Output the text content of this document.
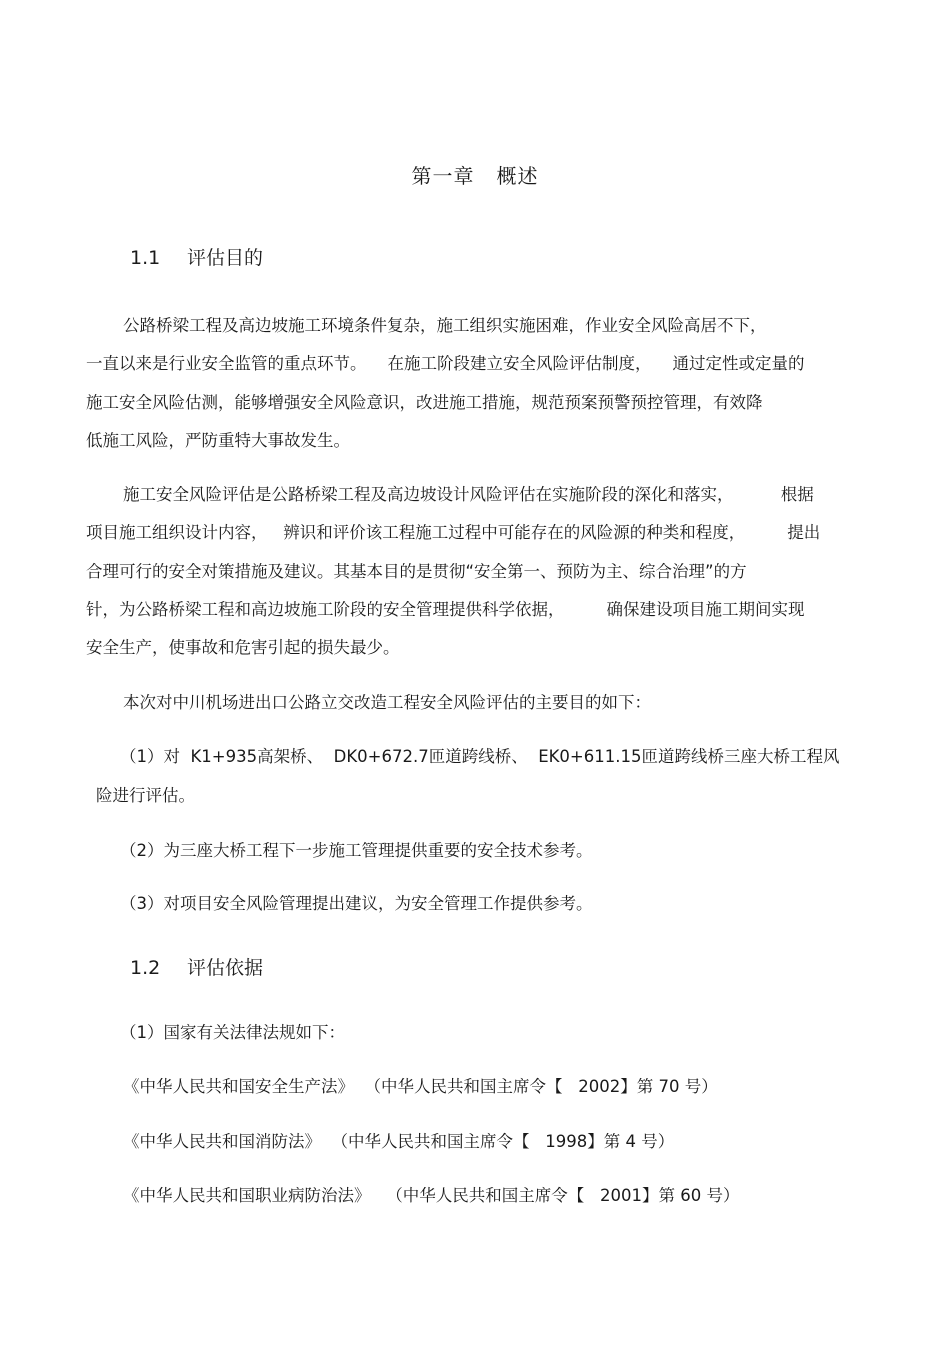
第一章   概述
1.1 评估目的
公路桥梁工程及高边坡施工环境条件复杂，施工组织实施困难，作业安全风险高居不下，
一直以来是行业安全监管的重点环节。    在施工阶段建立安全风险评估制度，    通过定性或定量的
施工安全风险估测，能够增强安全风险意识，改进施工措施，规范预案预警预控管理，有效降
低施工风险，严防重特大事故发生。
施工安全风险评估是公路桥梁工程及高边坡设计风险评估在实施阶段的深化和落实，         根据
项目施工组织设计内容，   辨识和评价该工程施工过程中可能存在的风险源的种类和程度，        提出
合理可行的安全对策措施及建议。其基本目的是贯彻“安全第一、预防为主、综合治理”的方
针，为公路桥梁工程和高边坡施工阶段的安全管理提供科学依据，        确保建设项目施工期间实现
安全生产，使事故和危害引起的损失最少。
本次对中川机场进出口公路立交改造工程安全风险评估的主要目的如下：
（1）对  K1+935高架桥、  DK0+672.7匝道跨线桥、  EK0+611.15匝道跨线桥三座大桥工程风
险进行评估。
（2）为三座大桥工程下一步施工管理提供重要的安全技术参考。
（3）对项目安全风险管理提出建议，为安全管理工作提供参考。
1.2 评估依据
（1）国家有关法律法规如下：
《中华人民共和国安全生产法》  （中华人民共和国主席令【   2002】第 70 号）
《中华人民共和国消防法》  （中华人民共和国主席令【   1998】第 4 号）
《中华人民共和国职业病防治法》   （中华人民共和国主席令【   2001】第 60 号）
